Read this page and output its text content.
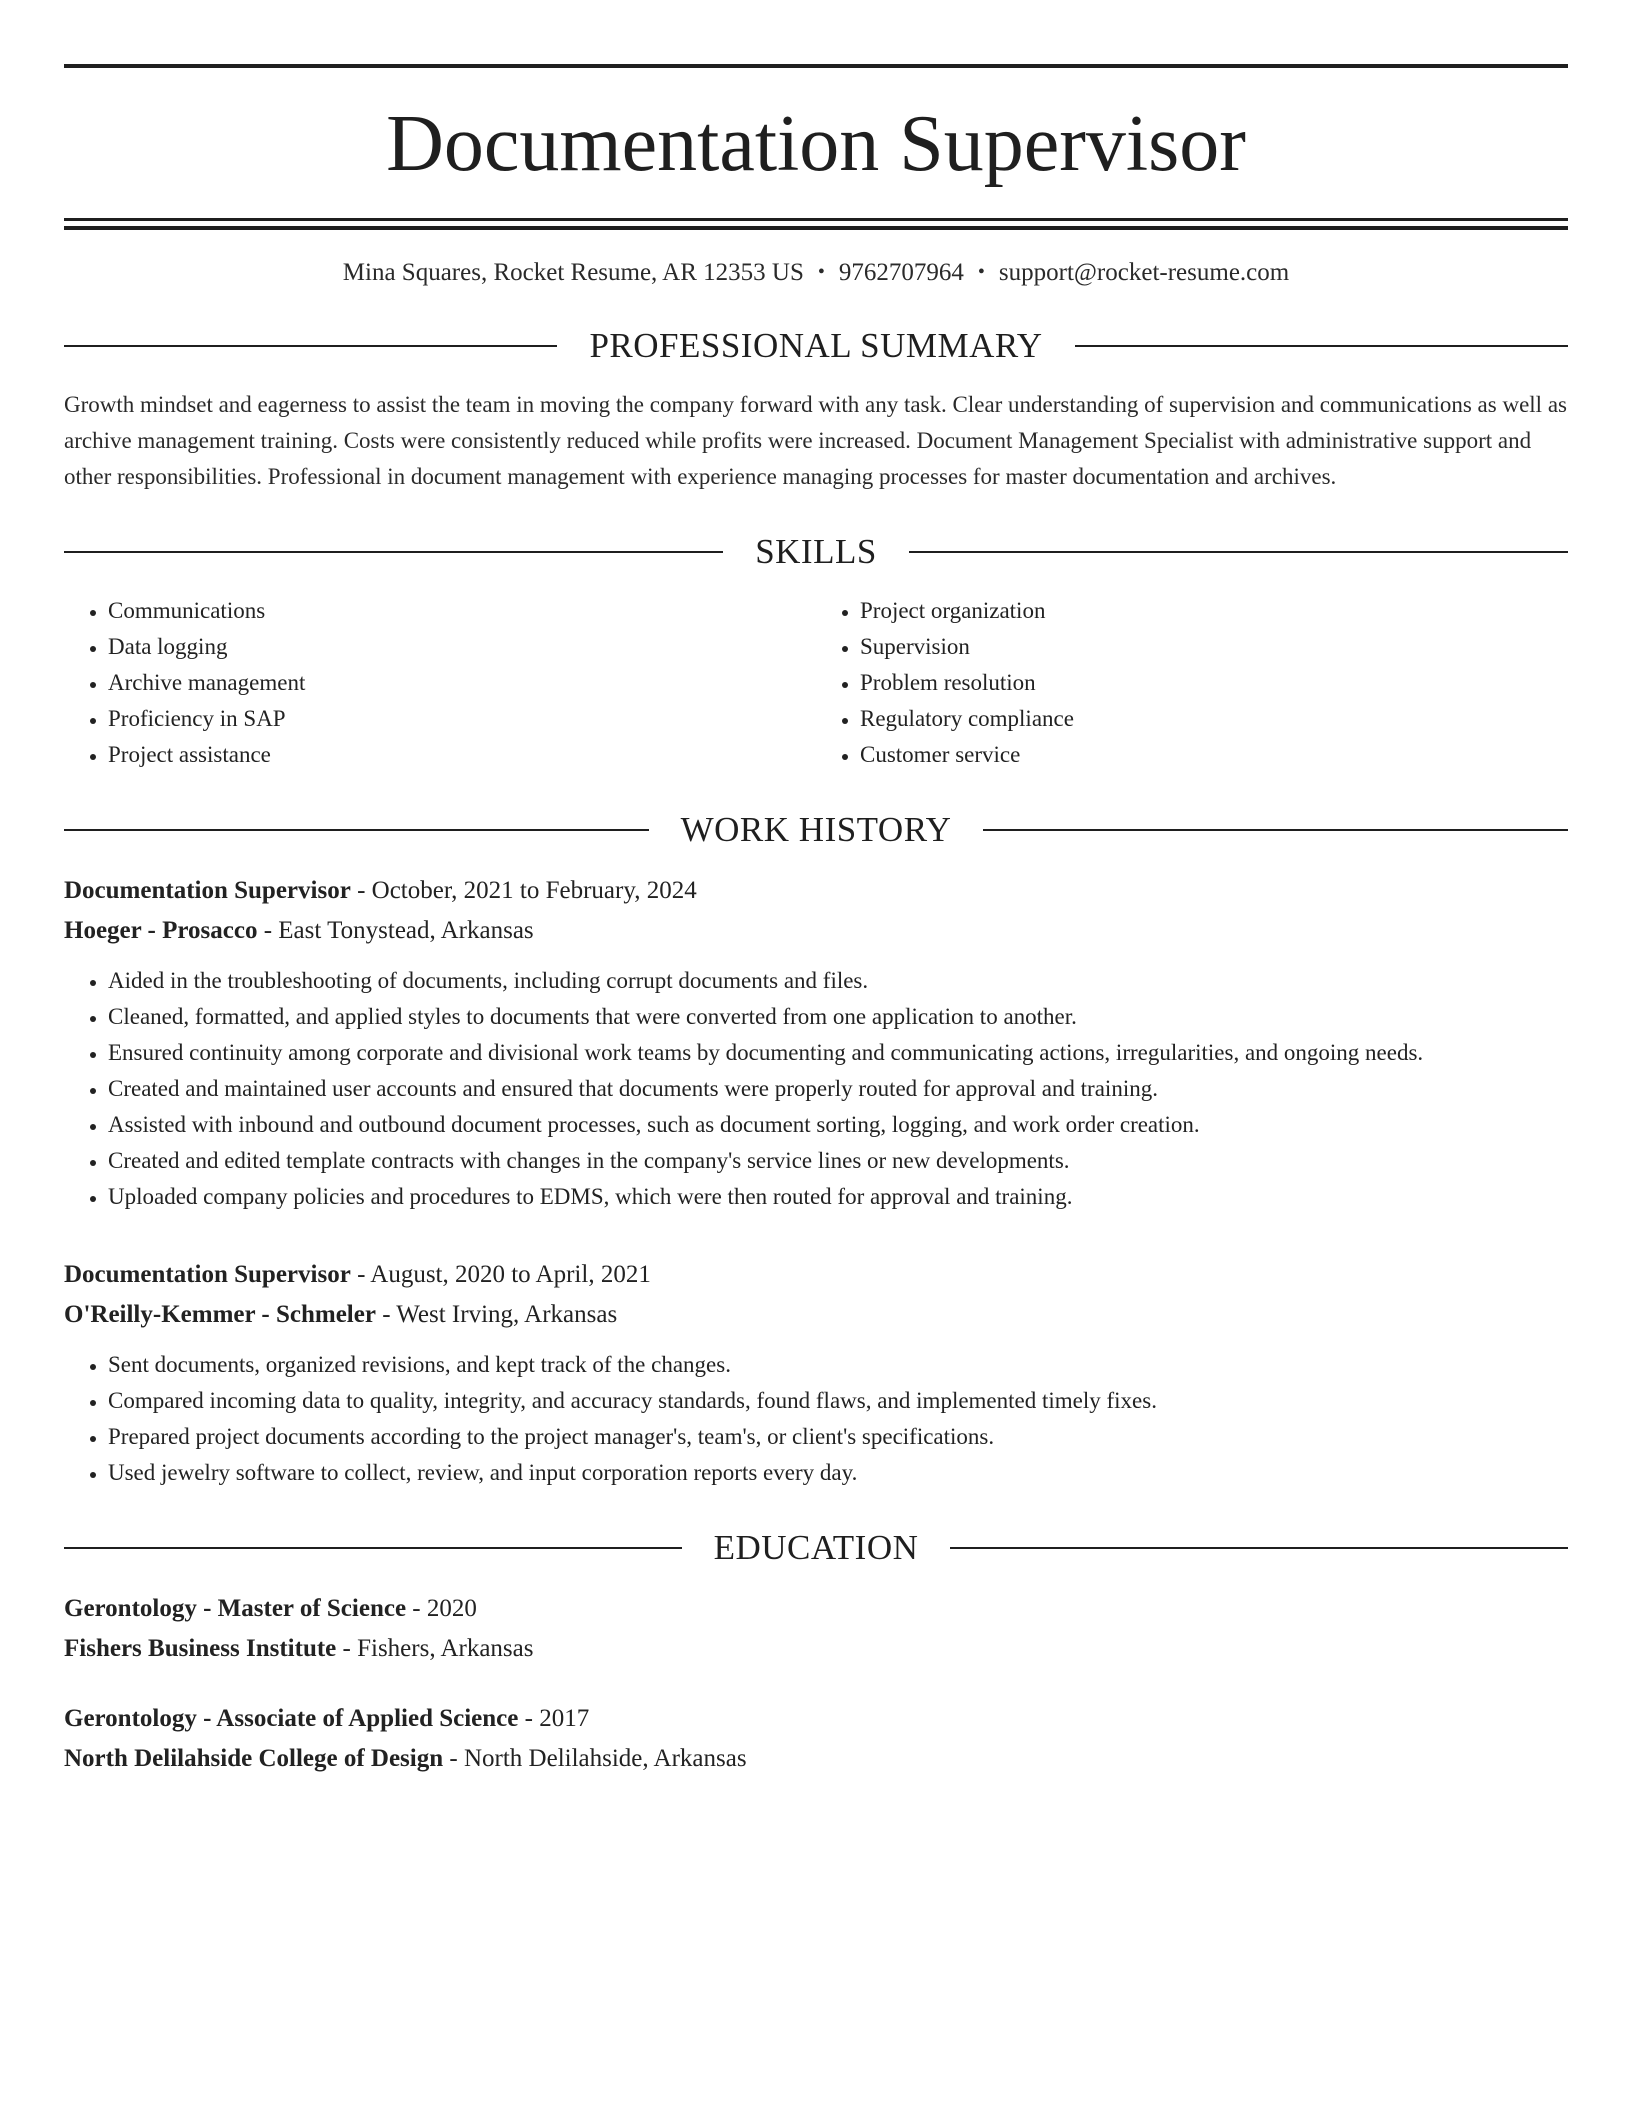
Documentation Supervisor
Mina Squares, Rocket Resume, AR 12353 US • 9762707964 • support@rocket-resume.com
PROFESSIONAL SUMMARY

Growth mindset and eagerness to assist the team in moving the company forward with any task. Clear understanding of supervision and communications as well as archive management training. Costs were consistently reduced while profits were increased. Document Management Specialist with administrative support and other responsibilities. Professional in document management with experience managing processes for master documentation and archives.

SKILLS
• Communications
• Data logging
• Archive management
• Proficiency in SAP
• Project assistance
• Project organization
• Supervision
• Problem resolution
• Regulatory compliance
• Customer service
WORK HISTORY
Documentation Supervisor - October, 2021 to February, 2024
Hoeger - Prosacco - East Tonystead, Arkansas
• Aided in the troubleshooting of documents, including corrupt documents and files.
• Cleaned, formatted, and applied styles to documents that were converted from one application to another.
• Ensured continuity among corporate and divisional work teams by documenting and communicating actions, irregularities, and ongoing needs.
• Created and maintained user accounts and ensured that documents were properly routed for approval and training.
• Assisted with inbound and outbound document processes, such as document sorting, logging, and work order creation.
• Created and edited template contracts with changes in the company's service lines or new developments.
• Uploaded company policies and procedures to EDMS, which were then routed for approval and training.
Documentation Supervisor - August, 2020 to April, 2021
O'Reilly-Kemmer - Schmeler - West Irving, Arkansas
• Sent documents, organized revisions, and kept track of the changes.
• Compared incoming data to quality, integrity, and accuracy standards, found flaws, and implemented timely fixes.
• Prepared project documents according to the project manager's, team's, or client's specifications.
• Used jewelry software to collect, review, and input corporation reports every day.
EDUCATION
Gerontology - Master of Science - 2020
Fishers Business Institute - Fishers, Arkansas
Gerontology - Associate of Applied Science - 2017
North Delilahside College of Design - North Delilahside, Arkansas
